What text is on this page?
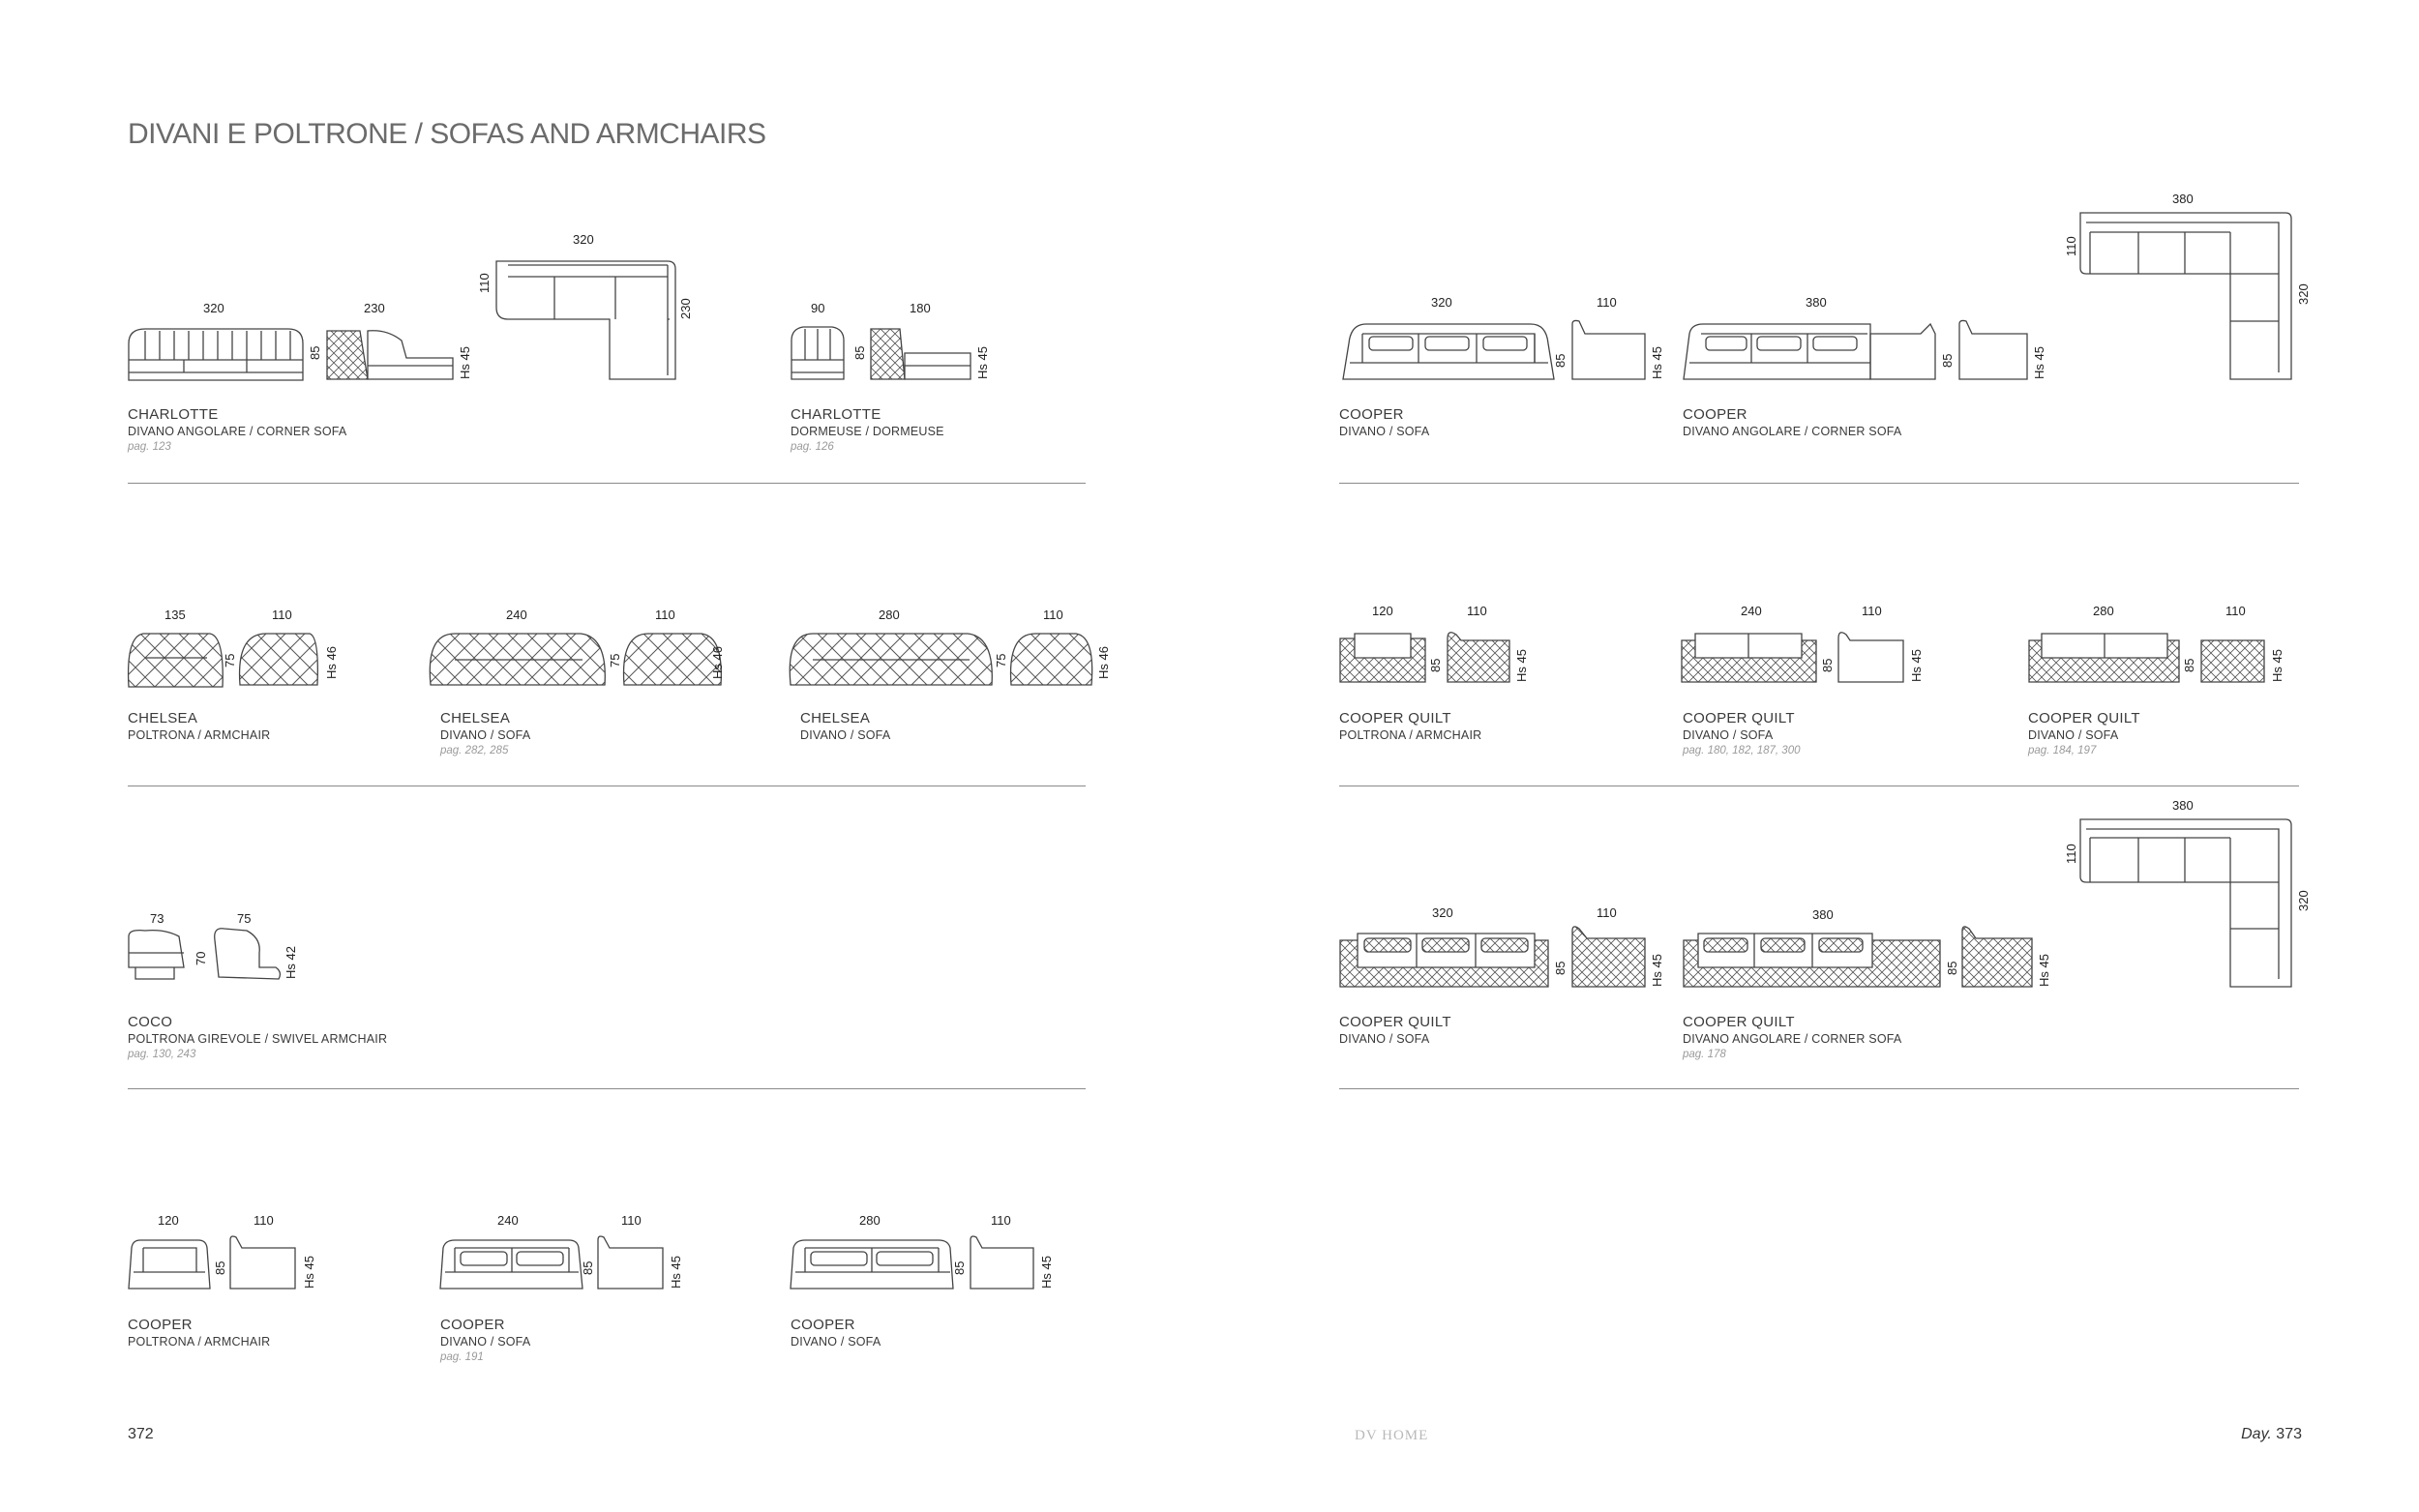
DIVANI E POLTRONE / SOFAS AND ARMCHAIRS
320	230
320
110
230
85	Hs 45
90	180
85	Hs 45
320	110
85	Hs 45
380
85	Hs 45
380
110
320
135	110
75	Hs 46
240	110
75	Hs 46
280	110
75	Hs 46
120	110
85	Hs 45
240	110
85	Hs 45
280	110
85	Hs 45
73	75
70	Hs 42
320	110
85	Hs 45
380
85	Hs 45
380
110
320
120	110
85	Hs 45
240	110
85	Hs 45
280	110
85	Hs 45
CHARLOTTE
DIVANO ANGOLARE / CORNER SOFA
pag. 123
CHARLOTTE
DORMEUSE / DORMEUSE
pag. 126
COOPER
DIVANO / SOFA
COOPER
DIVANO ANGOLARE / CORNER SOFA
CHELSEA
POLTRONA / ARMCHAIR
CHELSEA
DIVANO / SOFA
pag. 282, 285
CHELSEA
DIVANO / SOFA
COOPER QUILT
POLTRONA / ARMCHAIR
COOPER QUILT
DIVANO / SOFA
pag. 180, 182, 187, 300
COOPER QUILT
DIVANO / SOFA
pag. 184, 197
COCO
POLTRONA GIREVOLE / SWIVEL ARMCHAIR
pag. 130, 243
COOPER QUILT
DIVANO / SOFA
COOPER QUILT
DIVANO ANGOLARE / CORNER SOFA
pag. 178
COOPER
POLTRONA / ARMCHAIR
COOPER
DIVANO / SOFA
pag. 191
COOPER
DIVANO / SOFA
372	DV HOME	Day. 373
